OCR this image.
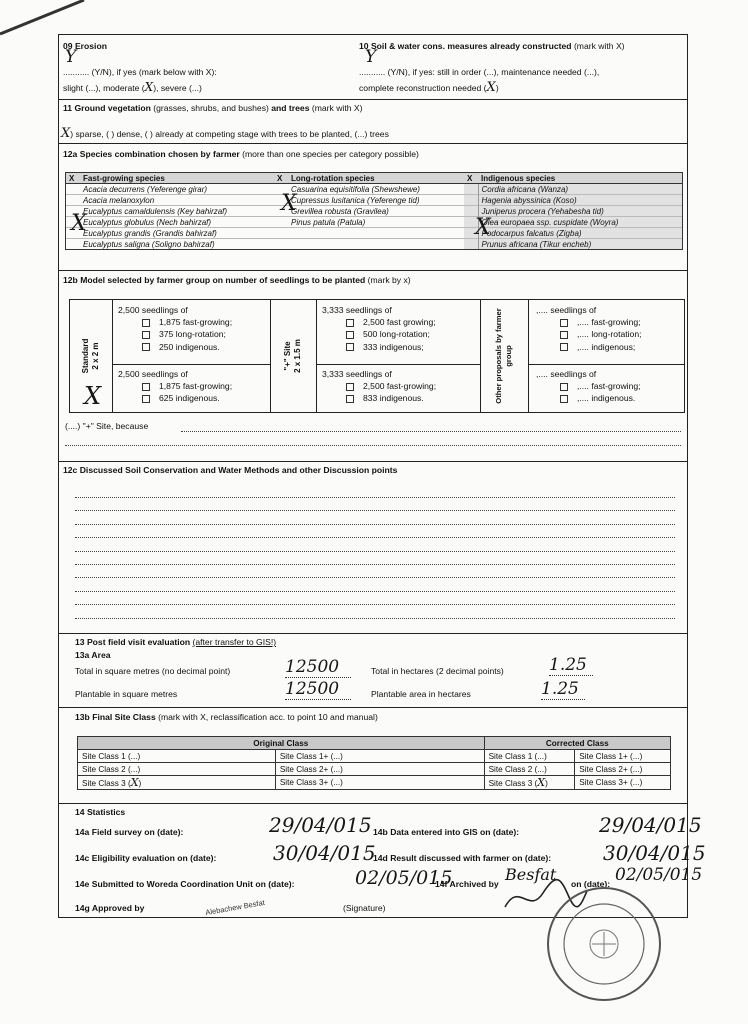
09 Erosion
Y
........... (Y/N), if yes (mark below with X):
slight (...), moderate (X), severe (...)
10 Soil & water cons. measures already constructed (mark with X)
Y
........... (Y/N), if yes: still in order (...), maintenance needed (...),
complete reconstruction needed (X)
11 Ground vegetation (grasses, shrubs, and bushes) and trees (mark with X)
X) sparse, ( ) dense, ( ) already at competing stage with trees to be planted, (...) trees
12a Species combination chosen by farmer (more than one species per category possible)
X	Fast-growing species	X	Long-rotation species	X	Indigenous species
	Acacia decurrens (Yeferenge girar)		Casuarina equisitifolia (Shewshewe)		Cordia africana (Wanza)
	Acacia melanoxylon		Cupressus lusitanica (Yeferenge tid)		Hagenia abyssinica (Koso)
	Eucalyptus camaldulensis (Key bahirzaf)		Grevillea robusta (Gravilea)		Juniperus procera (Yehabesha tid)
	Eucalyptus globulus (Nech bahirzaf)		Pinus patula (Patula)		Olea europaea ssp. cuspidate (Woyra)
	Eucalyptus grandis (Grandis bahirzaf)				Podocarpus falcatus (Zigba)
	Eucalyptus saligna (Soligno bahirzaf)				Prunus africana (Tikur encheb)
X
X
X
12b Model selected by farmer group on number of seedlings to be planted (mark by x)
Standard 2 x 2 m	"+" Site 2 x 1.5 m	Other proposals by farmer group
X
2,500 seedlings of
1,875 fast-growing;
375 long-rotation;
250 indigenous.
2,500 seedlings of
1,875 fast-growing;
625 indigenous.
3,333 seedlings of
2,500 fast growing;
500 long-rotation;
333 indigenous;
3,333 seedlings of
2,500 fast-growing;
833 indigenous.
,.... seedlings of
,.... fast-growing;
,.... long-rotation;
,.... indigenous;
,.... seedlings of
,.... fast-growing;
,.... indigenous.
(....) "+" Site, because
12c Discussed Soil Conservation and Water Methods and other Discussion points
13 Post field visit evaluation (after transfer to GIS!)
13a Area
Total in square metres (no decimal point)	12500	Total in hectares (2 decimal points)	1.25
Plantable in square metres	12500	Plantable area in hectares	1.25
13b Final Site Class (mark with X, reclassification acc. to point 10 and manual)
Original Class		Corrected Class	
Site Class 1 (...)	Site Class 1+ (...)	Site Class 1 (...)	Site Class 1+ (...)
Site Class 2 (...)	Site Class 2+ (...)	Site Class 2 (...)	Site Class 2+ (...)
Site Class 3 (X)	Site Class 3+ (...)	Site Class 3 (X)	Site Class 3+ (...)
14 Statistics
14a Field survey on (date):	29/04/015 14b Data entered into GIS on (date):	29/04/015
14c Eligibility evaluation on (date):	30/04/015
14d Result discussed with farmer on (date):	30/04/015
14e Submitted to Woreda Coordination Unit on (date):	02/05/015
14f Archived by Besfat on (date): 02/05/015
14g Approved by	(Signature)
Alebachew Besfat
